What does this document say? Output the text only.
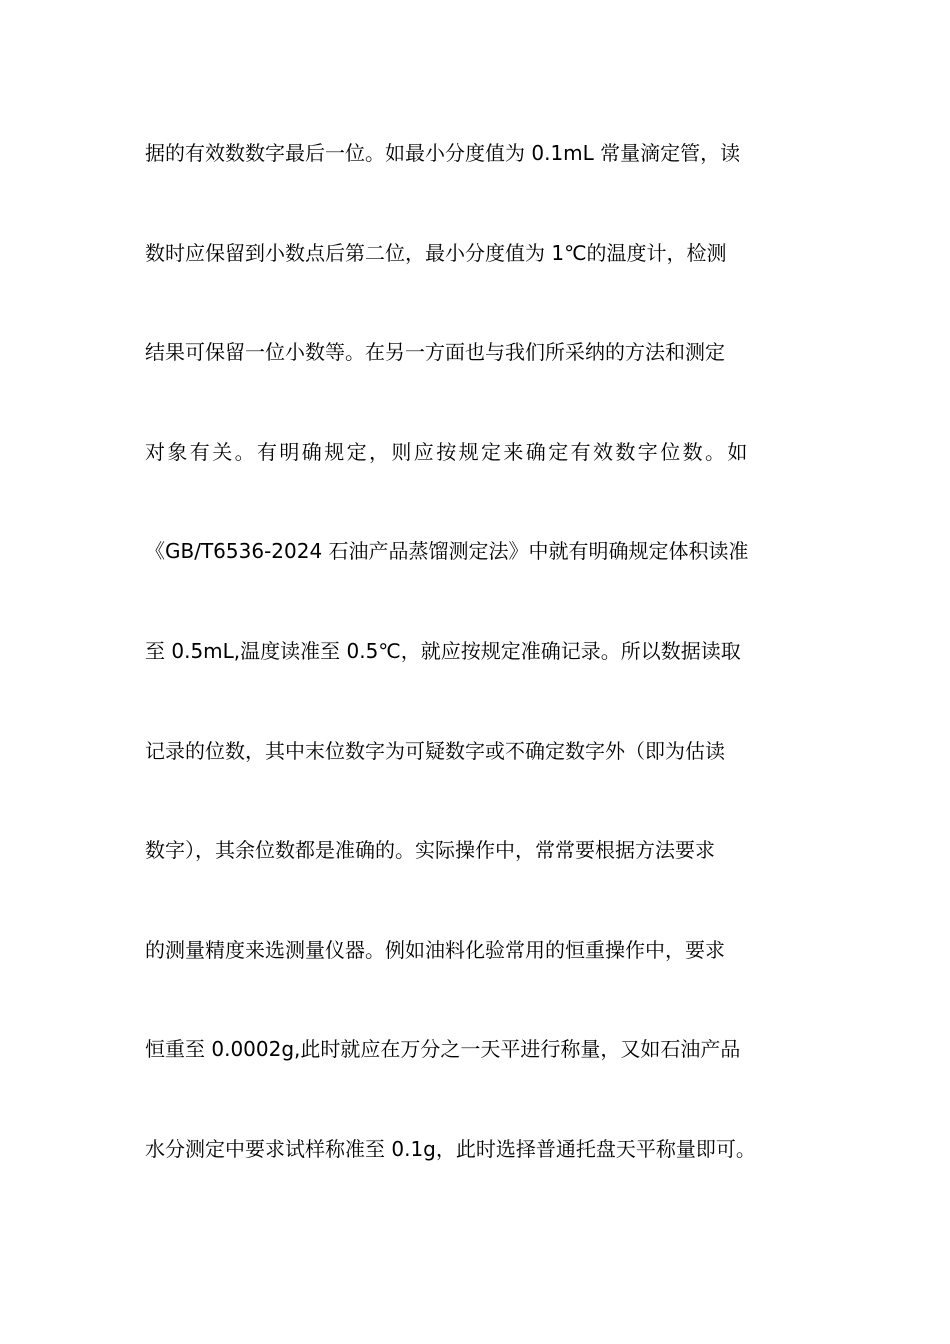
据的有效数数字最后一位。如最小分度值为 0.1mL 常量滴定管，读
数时应保留到小数点后第二位，最小分度值为 1℃的温度计，检测
结果可保留一位小数等。在另一方面也与我们所采纳的方法和测定
对象有关。有明确规定，则应按规定来确定有效数字位数。如
《GB/T6536-2024 石油产品蒸馏测定法》中就有明确规定体积读准
至 0.5mL,温度读准至 0.5℃，就应按规定准确记录。所以数据读取
记录的位数，其中末位数字为可疑数字或不确定数字外（即为估读
数字），其余位数都是准确的。实际操作中，常常要根据方法要求
的测量精度来选测量仪器。例如油料化验常用的恒重操作中，要求
恒重至 0.0002g,此时就应在万分之一天平进行称量，又如石油产品
水分测定中要求试样称准至 0.1g，此时选择普通托盘天平称量即可。
